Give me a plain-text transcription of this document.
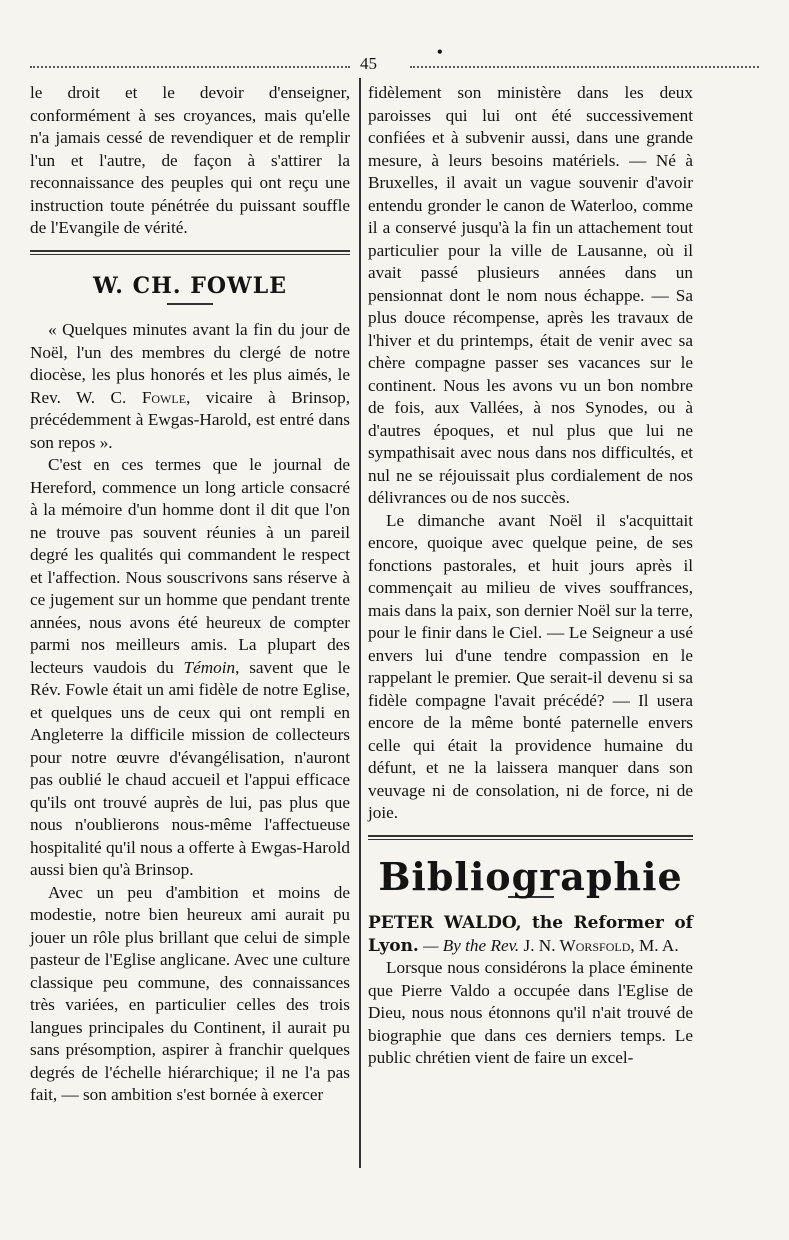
45
•

le droit et le devoir d'enseigner, conformément à ses croyances, mais qu'elle n'a jamais cessé de revendiquer et de remplir l'un et l'autre, de façon à s'attirer la reconnaissance des peuples qui ont reçu une instruction toute pénétrée du puissant souffle de l'Evangile de vérité.

W. CH. FOWLE

« Quelques minutes avant la fin du jour de Noël, l'un des membres du clergé de notre diocèse, les plus honorés et les plus aimés, le Rev. W. C. Fowle, vicaire à Brinsop, précédemment à Ewgas-Harold, est entré dans son repos ».

C'est en ces termes que le journal de Hereford, commence un long article consacré à la mémoire d'un homme dont il dit que l'on ne trouve pas souvent réunies à un pareil degré les qualités qui commandent le respect et l'affection. Nous souscrivons sans réserve à ce jugement sur un homme que pendant trente années, nous avons été heureux de compter parmi nos meilleurs amis. La plupart des lecteurs vaudois du Témoin, savent que le Rév. Fowle était un ami fidèle de notre Eglise, et quelques uns de ceux qui ont rempli en Angleterre la difficile mission de collecteurs pour notre œuvre d'évangélisation, n'auront pas oublié le chaud accueil et l'appui efficace qu'ils ont trouvé auprès de lui, pas plus que nous n'oublierons nous-même l'affectueuse hospitalité qu'il nous a offerte à Ewgas-Harold aussi bien qu'à Brinsop.

Avec un peu d'ambition et moins de modestie, notre bien heureux ami aurait pu jouer un rôle plus brillant que celui de simple pasteur de l'Eglise anglicane. Avec une culture classique peu commune, des connaissances très variées, en particulier celles des trois langues principales du Continent, il aurait pu sans présomption, aspirer à franchir quelques degrés de l'échelle hiérarchique; il ne l'a pas fait, — son ambition s'est bornée à exercer

fidèlement son ministère dans les deux paroisses qui lui ont été successivement confiées et à subvenir aussi, dans une grande mesure, à leurs besoins matériels. — Né à Bruxelles, il avait un vague souvenir d'avoir entendu gronder le canon de Waterloo, comme il a conservé jusqu'à la fin un attachement tout particulier pour la ville de Lausanne, où il avait passé plusieurs années dans un pensionnat dont le nom nous échappe. — Sa plus douce récompense, après les travaux de l'hiver et du printemps, était de venir avec sa chère compagne passer ses vacances sur le continent. Nous les avons vu un bon nombre de fois, aux Vallées, à nos Synodes, ou à d'autres époques, et nul plus que lui ne sympathisait avec nous dans nos difficultés, et nul ne se réjouissait plus cordialement de nos délivrances ou de nos succès.

Le dimanche avant Noël il s'acquittait encore, quoique avec quelque peine, de ses fonctions pastorales, et huit jours après il commençait au milieu de vives souffrances, mais dans la paix, son dernier Noël sur la terre, pour le finir dans le Ciel. — Le Seigneur a usé envers lui d'une tendre compassion en le rappelant le premier. Que serait-il devenu si sa fidèle compagne l'avait précédé? — Il usera encore de la même bonté paternelle envers celle qui était la providence humaine du défunt, et ne la laissera manquer dans son veuvage ni de consolation, ni de force, ni de joie.

Bibliographie

PETER WALDO, the Reformer of Lyon. — By the Rev. J. N. Worsfold, M. A.

Lorsque nous considérons la place éminente que Pierre Valdo a occupée dans l'Eglise de Dieu, nous nous étonnons qu'il n'ait trouvé de biographie que dans ces derniers temps. Le public chrétien vient de faire un excel-
